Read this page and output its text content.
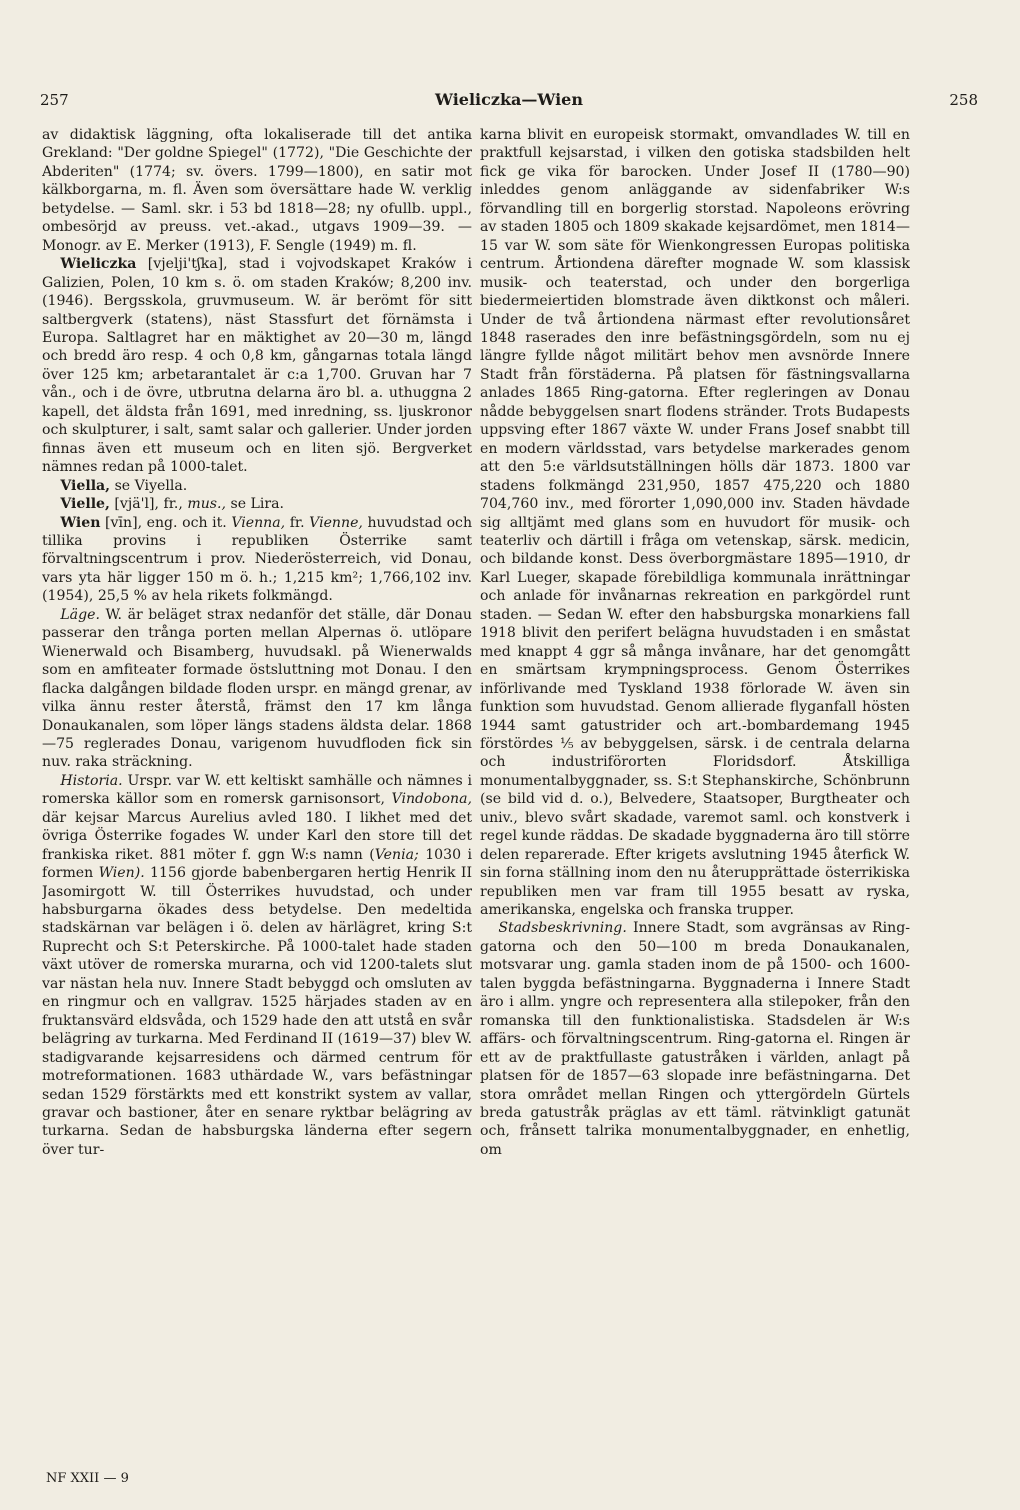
257	Wieliczka—Wien	258

av didaktisk läggning, ofta lokaliserade till det antika Grekland: "Der goldne Spiegel" (1772), "Die Geschichte der Abderiten" (1774; sv. övers. 1799—1800), en satir mot kälkborgarna, m. fl. Även som översättare hade W. verklig betydelse. — Saml. skr. i 53 bd 1818—28; ny ofullb. uppl., ombesörjd av preuss. vet.-akad., utgavs 1909—39. — Monogr. av E. Merker (1913), F. Sengle (1949) m. fl.

Wieliczka [vjelji'tʃka], stad i vojvodskapet Kraków i Galizien, Polen, 10 km s. ö. om staden Kraków; 8,200 inv. (1946). Bergsskola, gruvmuseum. W. är berömt för sitt saltbergverk (statens), näst Stassfurt det förnämsta i Europa. Saltlagret har en mäktighet av 20—30 m, längd och bredd äro resp. 4 och 0,8 km, gångarnas totala längd över 125 km; arbetarantalet är c:a 1,700. Gruvan har 7 vån., och i de övre, utbrutna delarna äro bl. a. uthuggna 2 kapell, det äldsta från 1691, med inredning, ss. ljuskronor och skulpturer, i salt, samt salar och gallerier. Under jorden finnas även ett museum och en liten sjö. Bergverket nämnes redan på 1000-talet.

Viella, se Viyella.

Vielle, [vjä'l], fr., mus., se Lira.

Wien [vīn], eng. och it. Vienna, fr. Vienne, huvudstad och tillika provins i republiken Österrike samt förvaltningscentrum i prov. Niederösterreich, vid Donau, vars yta här ligger 150 m ö. h.; 1,215 km²; 1,766,102 inv. (1954), 25,5 % av hela rikets folkmängd.

Läge. W. är beläget strax nedanför det ställe, där Donau passerar den trånga porten mellan Alpernas ö. utlöpare Wienerwald och Bisamberg, huvudsakl. på Wienerwalds som en amfiteater formade östsluttning mot Donau. I den flacka dalgången bildade floden urspr. en mängd grenar, av vilka ännu rester återstå, främst den 17 km långa Donaukanalen, som löper längs stadens äldsta delar. 1868—75 reglerades Donau, varigenom huvudfloden fick sin nuv. raka sträckning.

Historia. Urspr. var W. ett keltiskt samhälle och nämnes i romerska källor som en romersk garnisonsort, Vindobona, där kejsar Marcus Aurelius avled 180. I likhet med det övriga Österrike fogades W. under Karl den store till det frankiska riket. 881 möter f. ggn W:s namn (Venia; 1030 i formen Wien). 1156 gjorde babenbergaren hertig Henrik II Jasomirgott W. till Österrikes huvudstad, och under habsburgarna ökades dess betydelse. Den medeltida stadskärnan var belägen i ö. delen av härlägret, kring S:t Ruprecht och S:t Peterskirche. På 1000-talet hade staden växt utöver de romerska murarna, och vid 1200-talets slut var nästan hela nuv. Innere Stadt bebyggd och omsluten av en ringmur och en vallgrav. 1525 härjades staden av en fruktansvärd eldsvåda, och 1529 hade den att utstå en svår belägring av turkarna. Med Ferdinand II (1619—37) blev W. stadigvarande kejsarresidens och därmed centrum för motreformationen. 1683 uthärdade W., vars befästningar sedan 1529 förstärkts med ett konstrikt system av vallar, gravar och bastioner, åter en senare ryktbar belägring av turkarna. Sedan de habsburgska länderna efter segern över tur-

karna blivit en europeisk stormakt, omvandlades W. till en praktfull kejsarstad, i vilken den gotiska stadsbilden helt fick ge vika för barocken. Under Josef II (1780—90) inleddes genom anläggande av sidenfabriker W:s förvandling till en borgerlig storstad. Napoleons erövring av staden 1805 och 1809 skakade kejsardömet, men 1814—15 var W. som säte för Wienkongressen Europas politiska centrum. Årtiondena därefter mognade W. som klassisk musik- och teaterstad, och under den borgerliga biedermeiertiden blomstrade även diktkonst och måleri. Under de två årtiondena närmast efter revolutionsåret 1848 raserades den inre befästningsgördeln, som nu ej längre fyllde något militärt behov men avsnörde Innere Stadt från förstäderna. På platsen för fästningsvallarna anlades 1865 Ring-gatorna. Efter regleringen av Donau nådde bebyggelsen snart flodens stränder. Trots Budapests uppsving efter 1867 växte W. under Frans Josef snabbt till en modern världsstad, vars betydelse markerades genom att den 5:e världsutställningen hölls där 1873. 1800 var stadens folkmängd 231,950, 1857 475,220 och 1880 704,760 inv., med förorter 1,090,000 inv. Staden hävdade sig alltjämt med glans som en huvudort för musik- och teaterliv och därtill i fråga om vetenskap, särsk. medicin, och bildande konst. Dess överborgmästare 1895—1910, dr Karl Lueger, skapade förebildliga kommunala inrättningar och anlade för invånarnas rekreation en parkgördel runt staden. — Sedan W. efter den habsburgska monarkiens fall 1918 blivit den perifert belägna huvudstaden i en småstat med knappt 4 ggr så många invånare, har det genomgått en smärtsam krympningsprocess. Genom Österrikes införlivande med Tyskland 1938 förlorade W. även sin funktion som huvudstad. Genom allierade flyganfall hösten 1944 samt gatustrider och art.-bombardemang 1945 förstördes ⅕ av bebyggelsen, särsk. i de centrala delarna och industriförorten Floridsdorf. Åtskilliga monumentalbyggnader, ss. S:t Stephanskirche, Schönbrunn (se bild vid d. o.), Belvedere, Staatsoper, Burgtheater och univ., blevo svårt skadade, varemot saml. och konstverk i regel kunde räddas. De skadade byggnaderna äro till större delen reparerade. Efter krigets avslutning 1945 återfick W. sin forna ställning inom den nu återupprättade österrikiska republiken men var fram till 1955 besatt av ryska, amerikanska, engelska och franska trupper.

Stadsbeskrivning. Innere Stadt, som avgränsas av Ring-gatorna och den 50—100 m breda Donaukanalen, motsvarar ung. gamla staden inom de på 1500- och 1600-talen byggda befästningarna. Byggnaderna i Innere Stadt äro i allm. yngre och representera alla stilepoker, från den romanska till den funktionalistiska. Stadsdelen är W:s affärs- och förvaltningscentrum. Ring-gatorna el. Ringen är ett av de praktfullaste gatustråken i världen, anlagt på platsen för de 1857—63 slopade inre befästningarna. Det stora området mellan Ringen och yttergördeln Gürtels breda gatustråk präglas av ett täml. rätvinkligt gatunät och, frånsett talrika monumentalbyggnader, en enhetlig, om

NF XXII — 9
